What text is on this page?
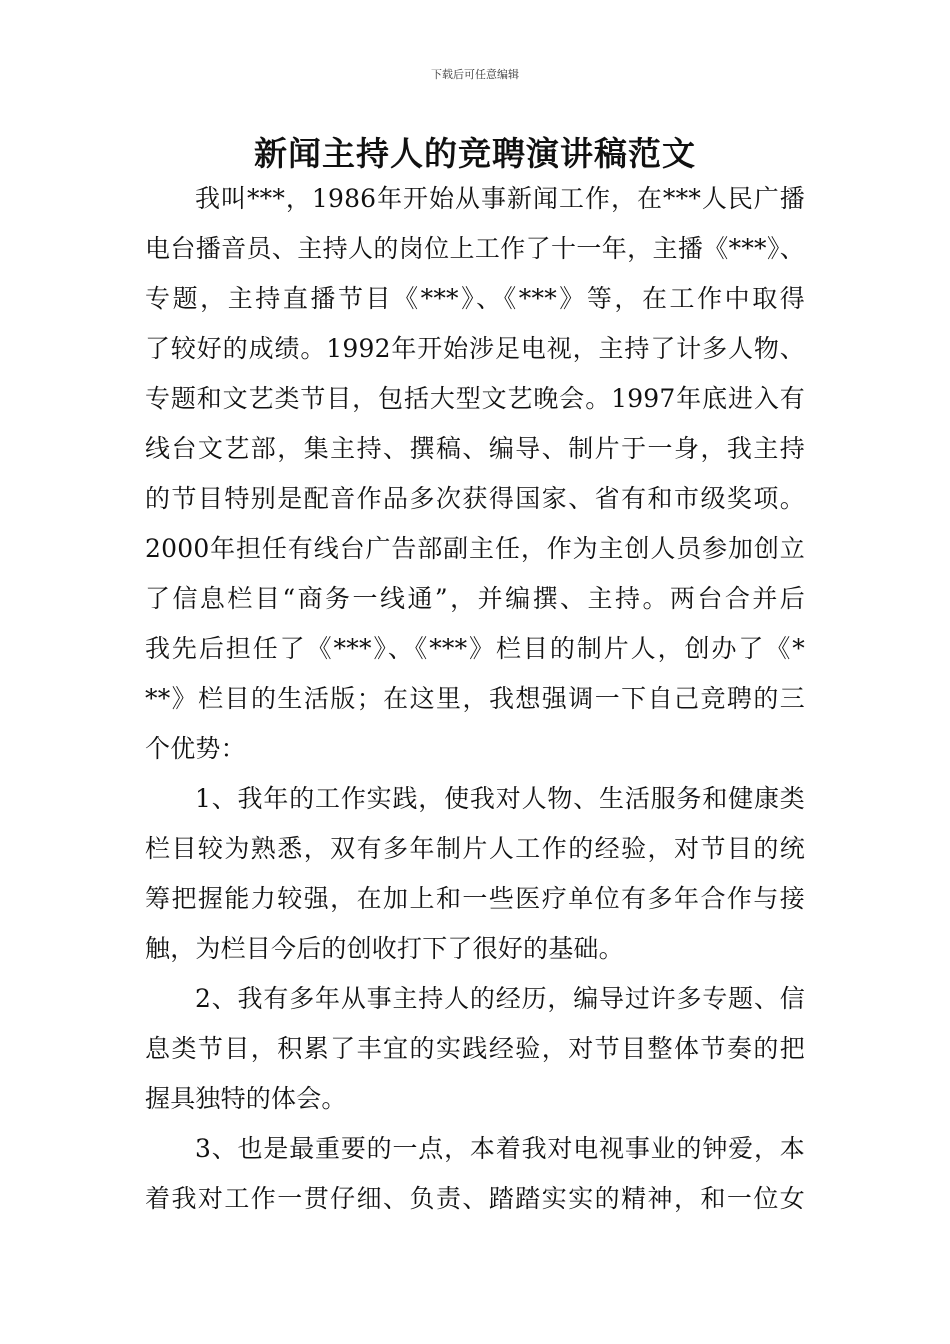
下载后可任意编辑
新闻主持人的竞聘演讲稿范文
我叫***，1986年开始从事新闻工作，在***人民广播
电台播音员、主持人的岗位上工作了十一年，主播《***》、
专题，主持直播节目《***》、《***》等，在工作中取得
了较好的成绩。1992年开始涉足电视，主持了计多人物、
专题和文艺类节目，包括大型文艺晚会。1997年底进入有
线台文艺部，集主持、撰稿、编导、制片于一身，我主持
的节目特别是配音作品多次获得国家、省有和市级奖项。
2000年担任有线台广告部副主任，作为主创人员参加创立
了信息栏目“商务一线通”，并编撰、主持。两台合并后
我先后担任了《***》、《***》栏目的制片人，创办了《*
**》栏目的生活版；在这里，我想强调一下自己竞聘的三
个优势：
1、我年的工作实践，使我对人物、生活服务和健康类
栏目较为熟悉，双有多年制片人工作的经验，对节目的统
筹把握能力较强，在加上和一些医疗单位有多年合作与接
触，为栏目今后的创收打下了很好的基础。
2、我有多年从事主持人的经历，编导过许多专题、信
息类节目，积累了丰宜的实践经验，对节目整体节奏的把
握具独特的体会。
3、也是最重要的一点，本着我对电视事业的钟爱，本
着我对工作一贯仔细、负责、踏踏实实的精神，和一位女
